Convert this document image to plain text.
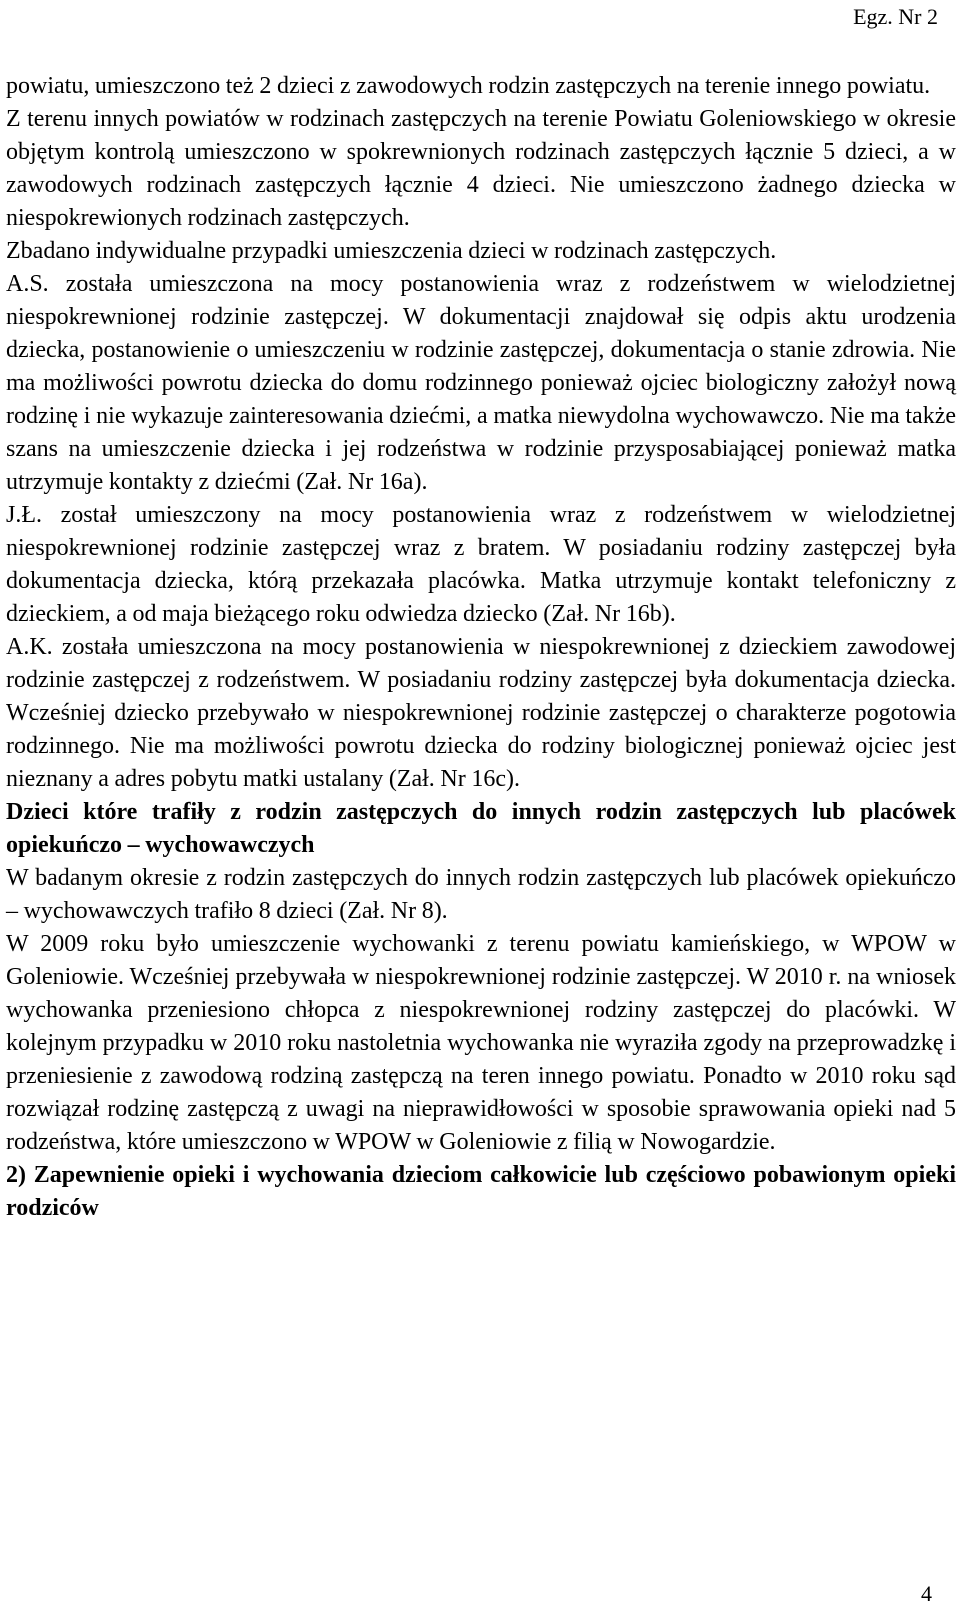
Egz. Nr 2

powiatu, umieszczono też 2 dzieci z zawodowych rodzin zastępczych na terenie innego powiatu.

Z terenu innych powiatów w rodzinach zastępczych na terenie Powiatu Goleniowskiego w okresie objętym kontrolą umieszczono w spokrewnionych rodzinach zastępczych łącznie 5 dzieci, a w zawodowych rodzinach zastępczych łącznie 4 dzieci. Nie umieszczono żadnego dziecka w niespokrewionych rodzinach zastępczych.

Zbadano indywidualne przypadki umieszczenia dzieci w rodzinach zastępczych.

A.S. została umieszczona na mocy postanowienia wraz z rodzeństwem w wielodzietnej niespokrewnionej rodzinie zastępczej. W dokumentacji znajdował się odpis aktu urodzenia dziecka, postanowienie o umieszczeniu w rodzinie zastępczej, dokumentacja o stanie zdrowia. Nie ma możliwości powrotu dziecka do domu rodzinnego ponieważ ojciec biologiczny założył nową rodzinę i nie wykazuje zainteresowania dziećmi, a matka niewydolna wychowawczo. Nie ma także szans na umieszczenie dziecka i jej rodzeństwa w rodzinie przysposabiającej ponieważ matka utrzymuje kontakty z dziećmi (Zał. Nr 16a).

J.Ł. został umieszczony na mocy postanowienia wraz z rodzeństwem w wielodzietnej niespokrewnionej rodzinie zastępczej wraz z bratem. W posiadaniu rodziny zastępczej była dokumentacja dziecka, którą przekazała placówka. Matka utrzymuje kontakt telefoniczny z dzieckiem, a od maja bieżącego roku odwiedza dziecko (Zał. Nr 16b).

A.K. została umieszczona na mocy postanowienia w niespokrewnionej z dzieckiem zawodowej rodzinie zastępczej z rodzeństwem. W posiadaniu rodziny zastępczej była dokumentacja dziecka. Wcześniej dziecko przebywało w niespokrewnionej rodzinie zastępczej o charakterze pogotowia rodzinnego. Nie ma możliwości powrotu dziecka do rodziny biologicznej ponieważ ojciec jest nieznany a adres pobytu matki ustalany (Zał. Nr 16c).

Dzieci które trafiły z rodzin zastępczych do innych rodzin zastępczych lub placówek opiekuńczo – wychowawczych

W badanym okresie z rodzin zastępczych do innych rodzin zastępczych lub placówek opiekuńczo – wychowawczych trafiło 8 dzieci (Zał. Nr 8).

W 2009 roku było umieszczenie wychowanki z terenu powiatu kamieńskiego, w WPOW w Goleniowie. Wcześniej przebywała w niespokrewnionej rodzinie zastępczej. W 2010 r. na wniosek wychowanka przeniesiono chłopca z niespokrewnionej rodziny zastępczej do placówki. W kolejnym przypadku w 2010 roku nastoletnia wychowanka nie wyraziła zgody na przeprowadzkę i przeniesienie z zawodową rodziną zastępczą na teren innego powiatu. Ponadto w 2010 roku sąd rozwiązał rodzinę zastępczą z uwagi na nieprawidłowości w sposobie sprawowania opieki nad 5 rodzeństwa, które umieszczono w WPOW w Goleniowie z filią w Nowogardzie.

2) Zapewnienie opieki i wychowania dzieciom całkowicie lub częściowo pobawionym opieki rodziców

4
